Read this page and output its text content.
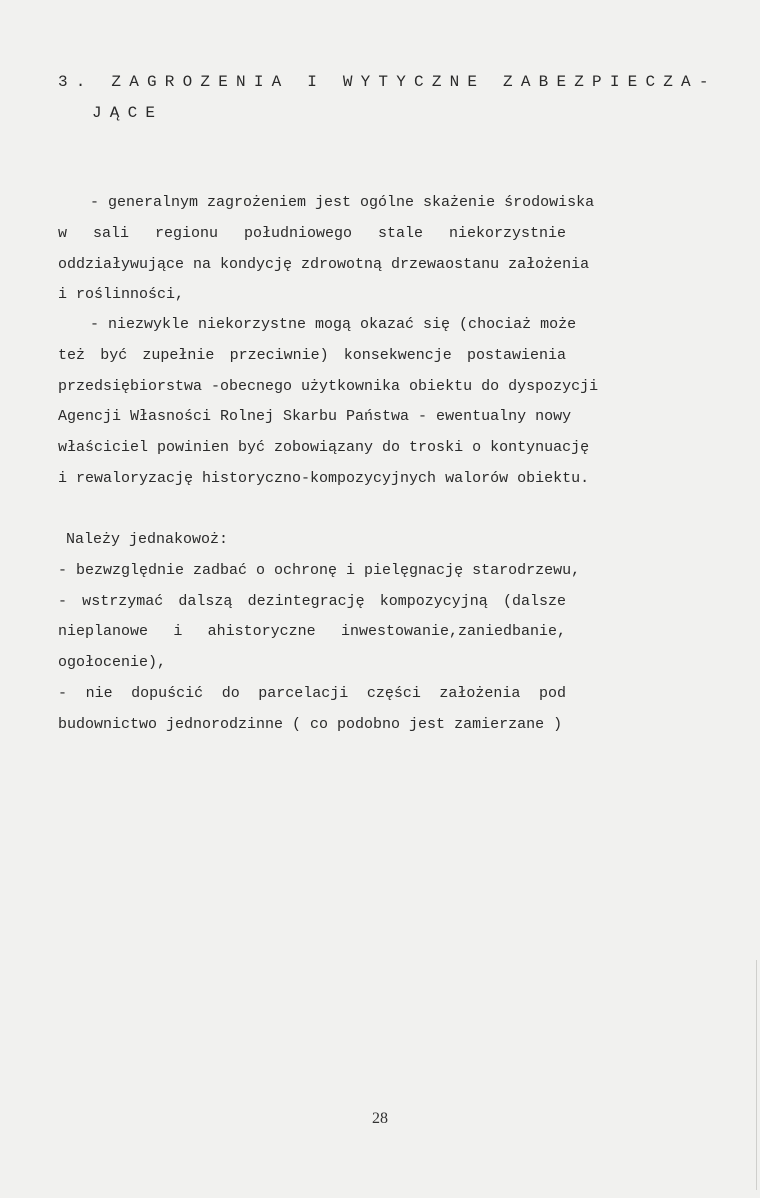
3. ZAGROZENIA I WYTYCZNE ZABEZPIECZA-
JĄCE
- generalnym zagrożeniem jest ogólne skażenie środowiska
w sali regionu południowego stale niekorzystnie
oddziaływujące na kondycję zdrowotną drzewaostanu założenia
i roślinności,
- niezwykle niekorzystne mogą okazać się (chociaż może
też być zupełnie przeciwnie) konsekwencje postawienia
przedsiębiorstwa -obecnego użytkownika obiektu do dyspozycji
Agencji Własności Rolnej Skarbu Państwa - ewentualny nowy
właściciel powinien być zobowiązany do troski o kontynuację
i rewaloryzację historyczno-kompozycyjnych walorów obiektu.
Należy jednakowoż:
- bezwzględnie zadbać o ochronę i pielęgnację starodrzewu,
- wstrzymać dalszą dezintegrację kompozycyjną (dalsze
nieplanowe i ahistoryczne inwestowanie,zaniedbanie,
ogołocenie),
- nie dopuścić do parcelacji części założenia pod
budownictwo jednorodzinne ( co podobno jest zamierzane )
28
